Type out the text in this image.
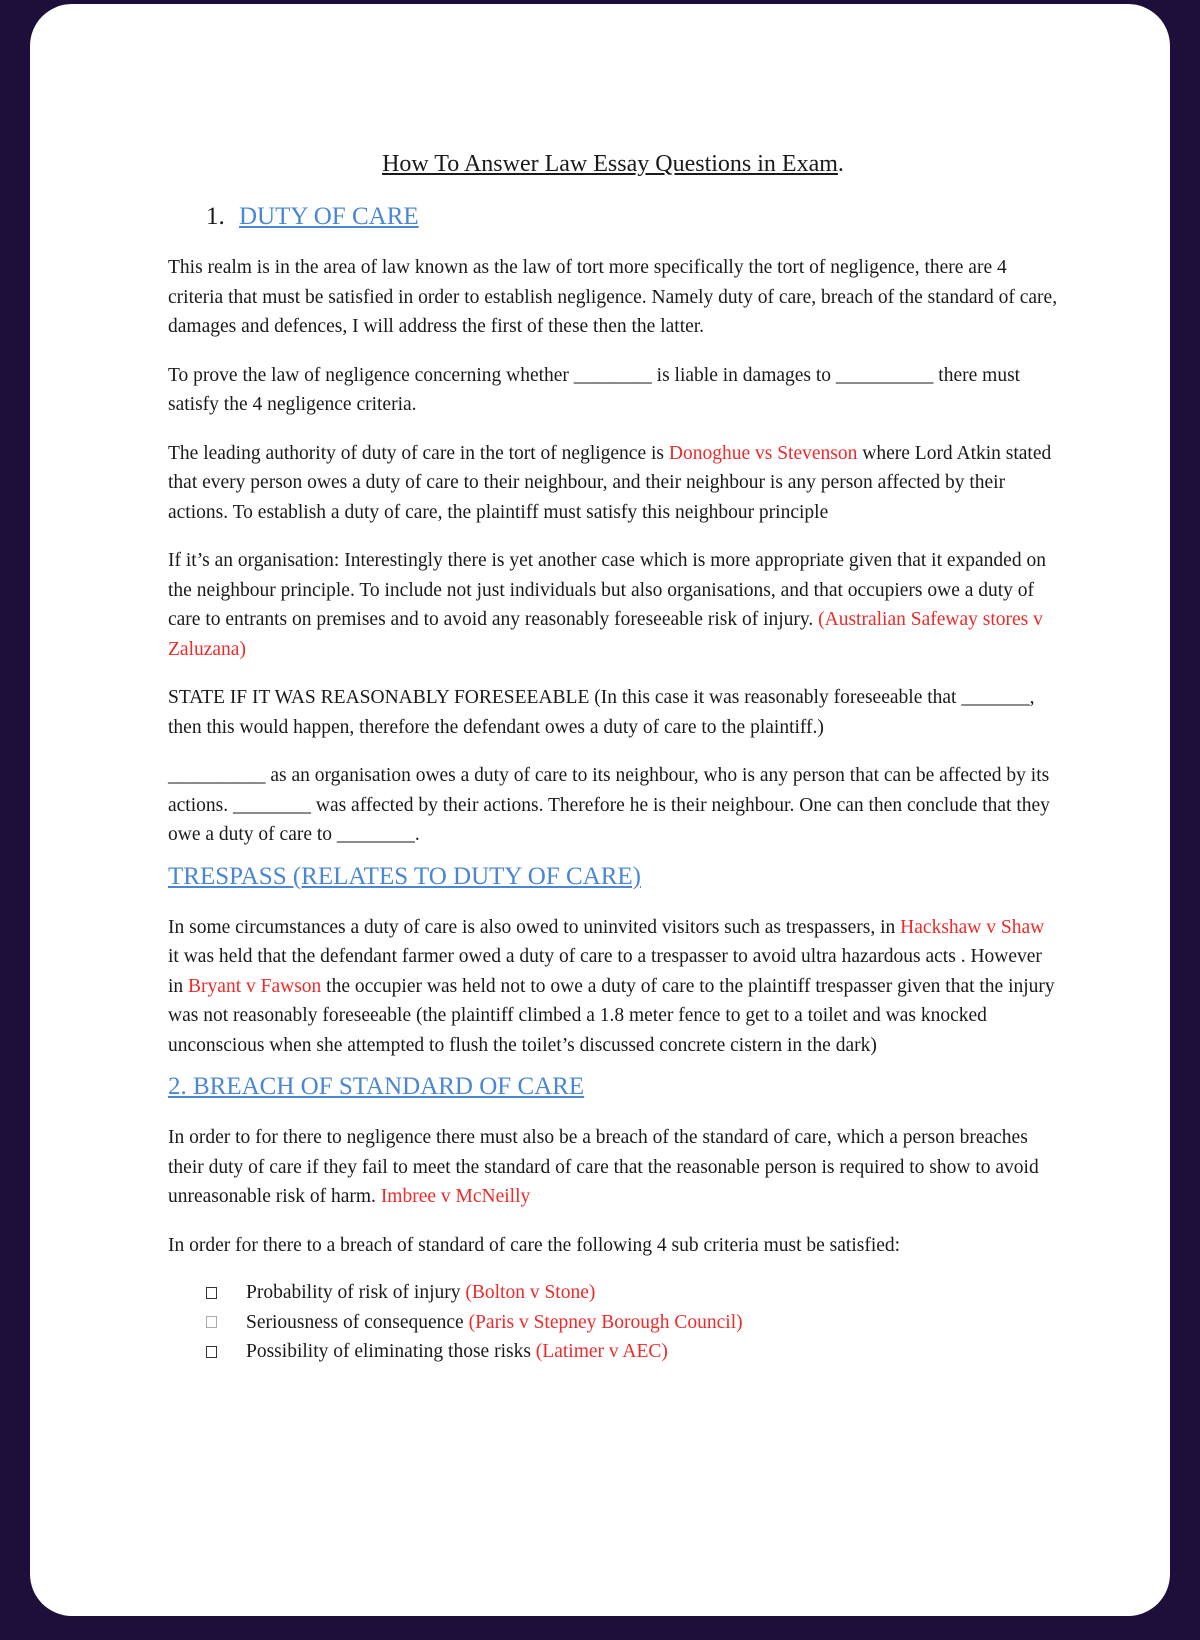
How To Answer Law Essay Questions in Exam.
1. DUTY OF CARE

This realm is in the area of law known as the law of tort more specifically the tort of negligence, there are 4 criteria that must be satisfied in order to establish negligence. Namely duty of care, breach of the standard of care, damages and defences, I will address the first of these then the latter.

To prove the law of negligence concerning whether ________ is liable in damages to __________ there must satisfy the 4 negligence criteria.

The leading authority of duty of care in the tort of negligence is Donoghue vs Stevenson where Lord Atkin stated that every person owes a duty of care to their neighbour, and their neighbour is any person affected by their actions. To establish a duty of care, the plaintiff must satisfy this neighbour principle

If it’s an organisation: Interestingly there is yet another case which is more appropriate given that it expanded on the neighbour principle. To include not just individuals but also organisations, and that occupiers owe a duty of care to entrants on premises and to avoid any reasonably foreseeable risk of injury. (Australian Safeway stores v Zaluzana)

STATE IF IT WAS REASONABLY FORESEEABLE (In this case it was reasonably foreseeable that _______, then this would happen, therefore the defendant owes a duty of care to the plaintiff.)

__________ as an organisation owes a duty of care to its neighbour, who is any person that can be affected by its actions. ________ was affected by their actions. Therefore he is their neighbour. One can then conclude that they owe a duty of care to ________.

TRESPASS (RELATES TO DUTY OF CARE)

In some circumstances a duty of care is also owed to uninvited visitors such as trespassers, in Hackshaw v Shaw it was held that the defendant farmer owed a duty of care to a trespasser to avoid ultra hazardous acts . However in Bryant v Fawson the occupier was held not to owe a duty of care to the plaintiff trespasser given that the injury was not reasonably foreseeable (the plaintiff climbed a 1.8 meter fence to get to a toilet and was knocked unconscious when she attempted to flush the toilet’s discussed concrete cistern in the dark)

2. BREACH OF STANDARD OF CARE

In order to for there to negligence there must also be a breach of the standard of care, which a person breaches their duty of care if they fail to meet the standard of care that the reasonable person is required to show to avoid unreasonable risk of harm. Imbree v McNeilly

In order for there to a breach of standard of care the following 4 sub criteria must be satisfied:

Probability of risk of injury (Bolton v Stone)
Seriousness of consequence (Paris v Stepney Borough Council)
Possibility of eliminating those risks (Latimer v AEC)
